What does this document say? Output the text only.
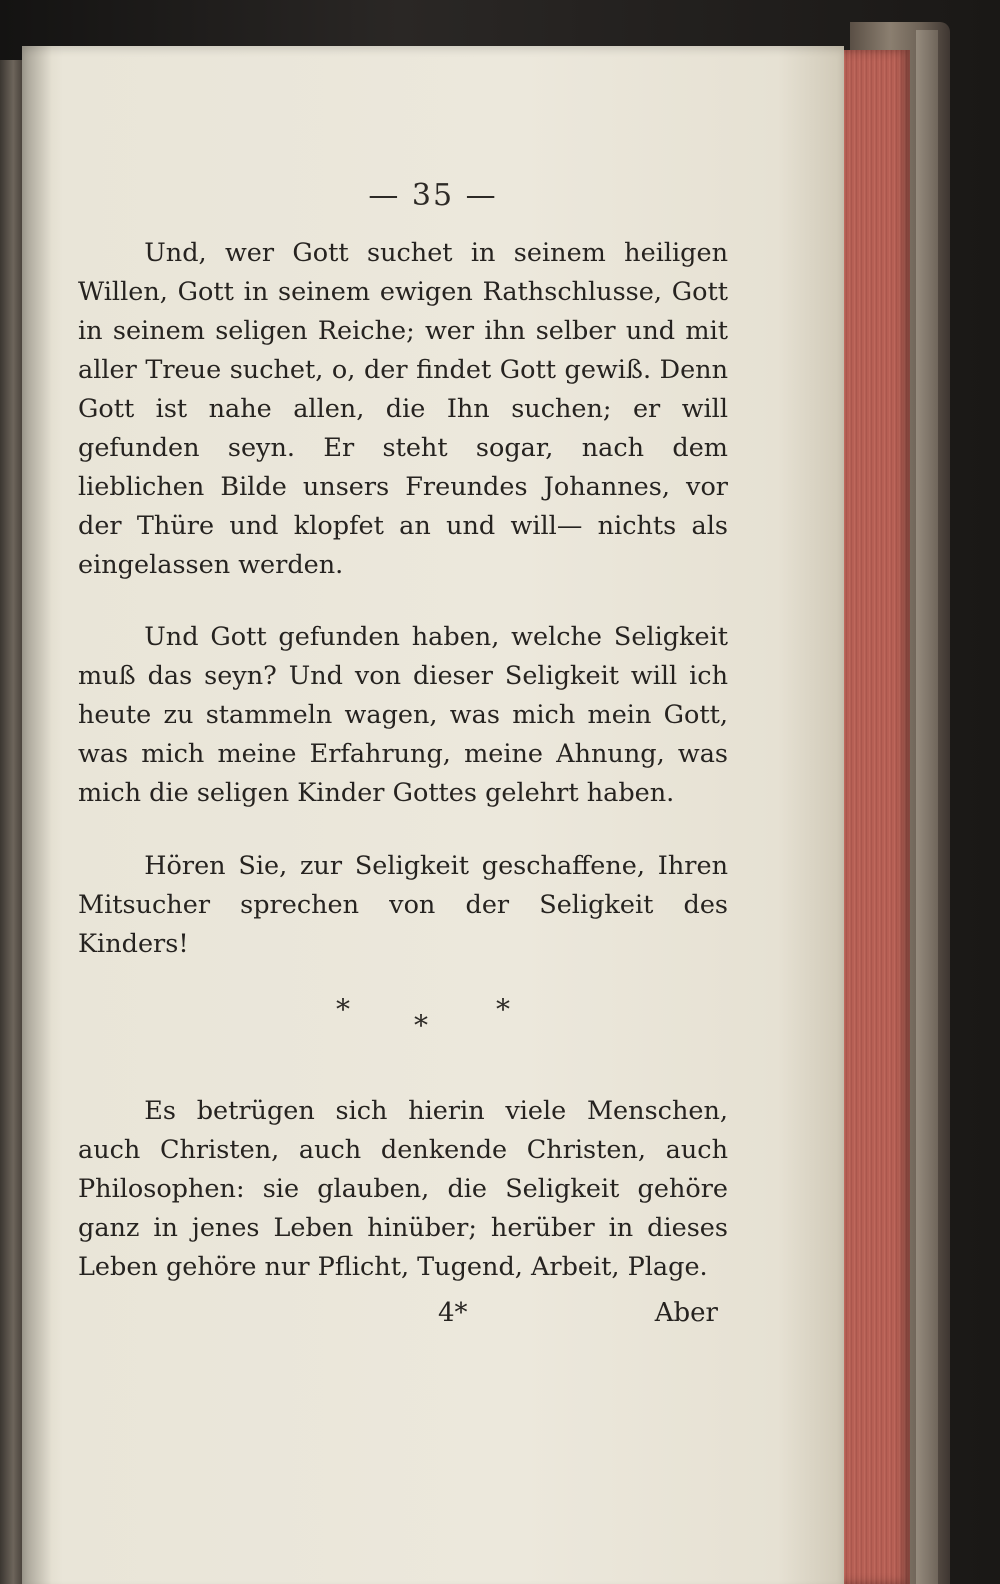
— 35 —

Und, wer Gott suchet in seinem heiligen Willen, Gott in seinem ewigen Rathschlusse, Gott in seinem seligen Reiche; wer ihn selber und mit aller Treue suchet, o, der findet Gott gewiß. Denn Gott ist nahe allen, die Ihn suchen; er will gefunden seyn. Er steht sogar, nach dem lieblichen Bilde unsers Freundes Johannes, vor der Thüre und klopfet an und will— nichts als eingelassen werden.

Und Gott gefunden haben, welche Seligkeit muß das seyn? Und von dieser Seligkeit will ich heute zu stammeln wagen, was mich mein Gott, was mich meine Erfahrung, meine Ahnung, was mich die seligen Kinder Gottes gelehrt haben.

Hören Sie, zur Seligkeit geschaffene, Ihren Mitsucher sprechen von der Seligkeit des Kinders!

* * *

Es betrügen sich hierin viele Menschen, auch Christen, auch denkende Christen, auch Philosophen: sie glauben, die Seligkeit gehöre ganz in jenes Leben hinüber; herüber in dieses Leben gehöre nur Pflicht, Tugend, Arbeit, Plage.

4*	Aber
